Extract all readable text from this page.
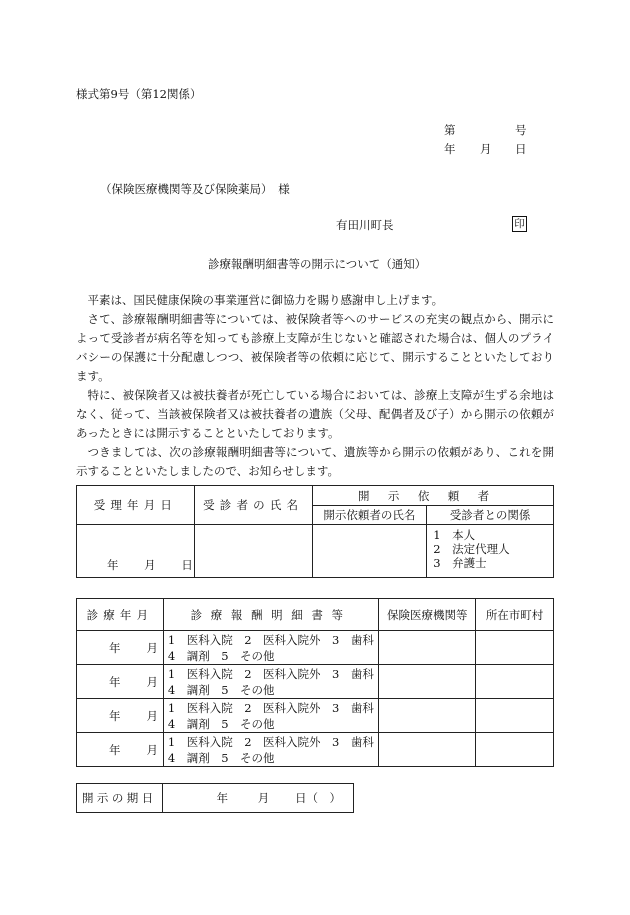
様式第9号（第12関係）
第	号
年 月 日
（保険医療機関等及び保険薬局）　様
有田川町長	印
診療報酬明細書等の開示について（通知）

平素は、国民健康保険の事業運営に御協力を賜り感謝申し上げます。

さて、診療報酬明細書等については、被保険者等へのサービスの充実の観点から、開示によって受診者が病名等を知っても診療上支障が生じないと確認された場合は、個人のプライバシーの保護に十分配慮しつつ、被保険者等の依頼に応じて、開示することといたしております。

特に、被保険者又は被扶養者が死亡している場合においては、診療上支障が生ずる余地はなく、従って、当該被保険者又は被扶養者の遺族（父母、配偶者及び子）から開示の依頼があったときには開示することといたしております。

つきましては、次の診療報酬明細書等について、遺族等から開示の依頼があり、これを開示することといたしましたので、お知らせします。

受理年月日	受診者の氏名	開示依頼者	
		開示依頼者の氏名	受診者との関係
年 月 日			1　本人
2　法定代理人
3　弁護士
診療年月	診療報酬明細書等	保険医療機関等	所在市町村
年 月	1　医科入院　2　医科入院外　3　歯科
4　調剤　5　その他		

年 月	1　医科入院　2　医科入院外　3　歯科
4　調剤　5　その他		

年 月	1　医科入院　2　医科入院外　3　歯科
4　調剤　5　その他		

年 月	1　医科入院　2　医科入院外　3　歯科
4　調剤　5　その他		

開示の期日	年	月 日（　）
